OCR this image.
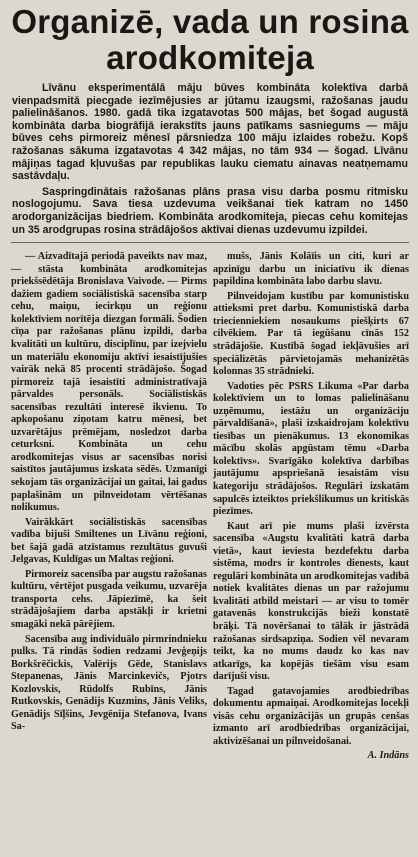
Organizē, vada un rosina arodkomiteja

Līvānu eksperimentālā māju būves kombināta kolektīva darbā vienpadsmitā piecgade iezīmējusies ar jūtamu izaugsmi, ražošanas jaudu palielināšanos. 1980. gadā tika izgatavotas 500 mājas, bet šogad augustā kombināta darba biogrāfijā ierakstīts jauns patīkams sasniegums — māju būves cehs pirmoreiz mēnesī pārsniedza 100 māju izlaides robežu. Kopš ražošanas sākuma izgatavotas 4 342 mājas, no tām 934 — šogad. Līvānu mājiņas tagad kļuvušas par republikas lauku ciematu ainavas neatņemamu sastāvdaļu.

Saspringdinātais ražošanas plāns prasa visu darba posmu ritmisku noslogojumu. Sava tiesa uzdevuma veikšanai tiek katram no 1450 arodorganizācijas biedriem. Kombināta arodkomiteja, piecas cehu komitejas un 35 arodgrupas rosina strādājošos aktīvai dienas uzdevumu izpildei.

— Aizvadītajā periodā paveikts nav maz, — stāsta kombināta arodkomitejas priekšsēdētāja Bronislava Vaivode. — Pirms dažiem gadiem sociālistiskā sacensība starp cehu, maiņu, iecirkņu un reģionu kolektīviem norītēja diezgan formāli. Šodien cīņa par ražošanas plānu izpildi, darba kvalitāti un kultūru, disciplīnu, par izejvielu un materiālu ekonomiju aktīvi iesaistījušies vairāk nekā 85 procenti strādājošo. Šogad pirmoreiz tajā iesaistīti administratīvajā pārvaldes personāls. Sociālistiskās sacensības rezultāti interesē ikvienu. To apkopošanu ziņotam katru mēnesi, bet uzvarētājus prēmējam, nosledzot darba ceturksni. Kombināta un cehu arodkomitejas visus ar sacensības norisi saistītos jautājumus izskata sēdēs. Uzmanīgi sekojam tās organizācijai un gaitai, lai gadus paplašinām un pilnveidotam vērtēšanas nolikumus.

Vairākkārt sociālistiskās sacensības vadība bijuši Smiltenes un Līvānu reģioni, bet šajā gadā atzīstamus rezultātus guvuši Jelgavas, Kuldīgas un Maltas reģioni.

Pirmoreiz sacensība par augstu ražošanas kultūru, vērtējot pusgada veikumu, uzvarēja transporta cehs. Jāpiezīmē, ka šeit strādājošajiem darba apstākļi ir krietni smagāki nekā pārējiem.

Sacensība aug individuālo pirmrindnieku pulks. Tā rindās šodien redzami Jevģeņijs Borkšrēčickis, Valērijs Gēde, Stanislavs Stepanenas, Jānis Marcinkevičs, Pjotrs Kozlovskis, Rūdolfs Rubīns, Jānis Rutkovskis, Genādijs Kuzmins, Jānis Veliks, Genādijs Sīļšins, Jevgēnija Stefanova, Ivans Sa-

mušs, Jānis Kolāīis un citi, kuri ar apzinīgu darbu un iniciatīvu ik dienas papildina kombināta labo darbu slavu.

Pilnveidojam kustību par komunistisku attieksmi pret darbu. Komunistiskā darba triecienniekiem nosaukums piešķirts 67 cilvēkiem. Par tā iegūšanu cīnās 152 strādājošie. Kustībā šogad iekļāvušies arī speciālizētās pārvietojamās mehanizētās kolonnas 35 strādnieki.

Vadoties pēc PSRS Likuma «Par darba kolektīviem un to lomas palielināšanu uzņēmumu, iestāžu un organizāciju pārvaldīšanā», plaši izskaidrojam kolektīvu tiesības un pienākumus. 13 ekonomikas mācību skolās apgūstam tēmu «Darba kolektīvs». Svarīgāko kolektīva darbības jautājumu apspriešanā iesaistām visu kategoriju strādājošos. Regulāri izskatām sapulcēs izteiktos priekšlikumus un kritiskās piezīmes.

Kaut arī pie mums plaši izvērsta sacensība «Augstu kvalitāti katrā darba vietā», kaut ieviesta bezdefektu darba sistēma, modrs ir kontroles dienests, kaut regulāri kombināta un arodkomitejas vadībā notiek kvalitātes dienas un par ražojumu kvalitāti atbild meistari — ar visu to tomēr gatavenās konstrukcijās bieži konstatē brāķi. Tā novēršanai to tālāk ir jāstrādā ražošanas sirdsapziņa. Sodien vēl nevaram teikt, ka no mums daudz ko kas nav atkarīgs, ka kopējās tiešām visu esam darījuši visu.

Tagad gatavojamies arodbiedrības dokumentu apmaiņai. Arodkomitejas locekļi visās cehu organizācijās un grupās cenšas izmanto arī arodbiedrības organizācijai, aktivizēšanai un pilnveidošanai.

A. Indāns
